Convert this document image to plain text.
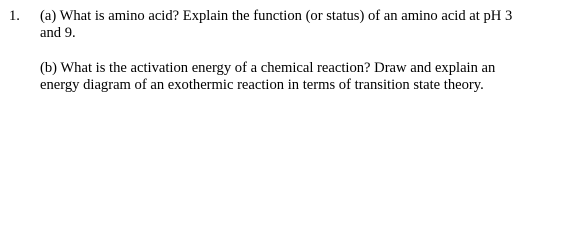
1. (a) What is amino acid? Explain the function (or status) of an amino acid at pH 3
and 9.
(b) What is the activation energy of a chemical reaction? Draw and explain an
energy diagram of an exothermic reaction in terms of transition state theory.
